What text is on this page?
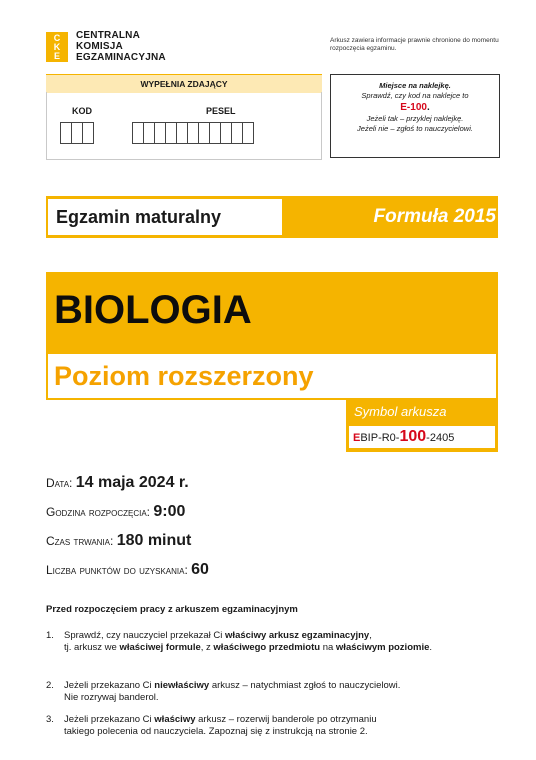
CKE
CENTRALNA
KOMISJA
EGZAMINACYJNA
Arkusz zawiera informacje prawnie chronione do momentu rozpoczęcia egzaminu.
WYPEŁNIA ZDAJĄCY
KOD	PESEL
Miejsce na naklejkę.
Sprawdź, czy kod na naklejce to
E-100.
Jeżeli tak – przyklej naklejkę.
Jeżeli nie – zgłoś to nauczycielowi.
Egzamin maturalny	Formuła 2015
BIOLOGIA
Poziom rozszerzony
Symbol arkusza
EBIP-R0-100-2405
Data: 14 maja 2024 r.
Godzina rozpoczęcia: 9:00
Czas trwania: 180 minut
Liczba punktów do uzyskania: 60
Przed rozpoczęciem pracy z arkuszem egzaminacyjnym
1. Sprawdź, czy nauczyciel przekazał Ci właściwy arkusz egzaminacyjny,
tj. arkusz we właściwej formule, z właściwego przedmiotu na właściwym poziomie.
2. Jeżeli przekazano Ci niewłaściwy arkusz – natychmiast zgłoś to nauczycielowi.
Nie rozrywaj banderol.
3. Jeżeli przekazano Ci właściwy arkusz – rozerwij banderole po otrzymaniu
takiego polecenia od nauczyciela. Zapoznaj się z instrukcją na stronie 2.
